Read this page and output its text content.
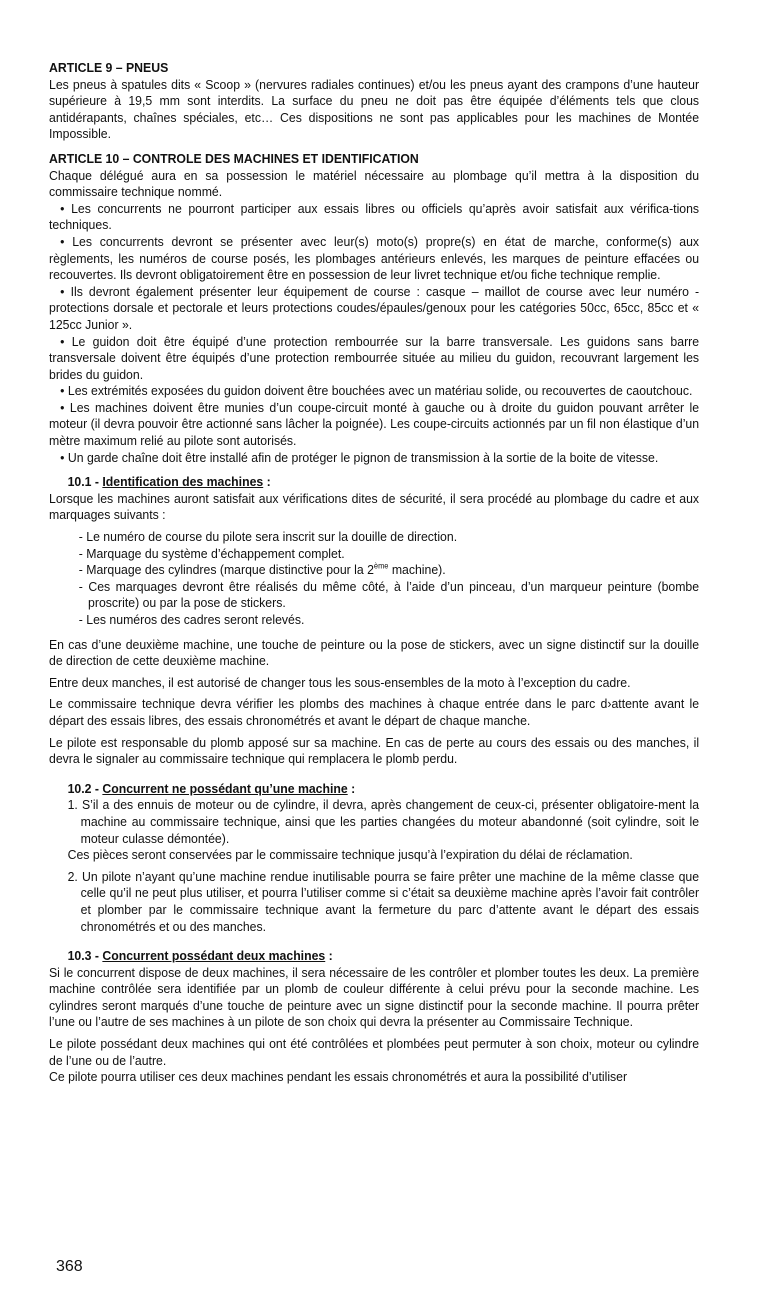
ARTICLE 9 – PNEUS

Les pneus à spatules dits « Scoop » (nervures radiales continues) et/ou les pneus ayant des crampons d’une hauteur supérieure à 19,5 mm sont interdits. La surface du pneu ne doit pas être équipée d’éléments tels que clous antidérapants, chaînes spéciales, etc… Ces dispositions ne sont pas applicables pour les machines de Montée Impossible.

ARTICLE 10 – CONTROLE DES MACHINES ET IDENTIFICATION

Chaque délégué aura en sa possession le matériel nécessaire au plombage qu’il mettra à la disposition du commissaire technique nommé.

• Les concurrents ne pourront participer aux essais libres ou officiels qu’après avoir satisfait aux vérifica-tions techniques.

• Les concurrents devront se présenter avec leur(s) moto(s) propre(s) en état de marche, conforme(s) aux règlements, les numéros de course posés, les plombages antérieurs enlevés, les marques de peinture effacées ou recouvertes. Ils devront obligatoirement être en possession de leur livret technique et/ou fiche technique remplie.

• Ils devront également présenter leur équipement de course : casque – maillot de course avec leur numéro - protections dorsale et pectorale et leurs protections coudes/épaules/genoux pour les catégories 50cc, 65cc, 85cc et « 125cc Junior ».

• Le guidon doit être équipé d’une protection rembourrée sur la barre transversale. Les guidons sans barre transversale doivent être équipés d’une protection rembourrée située au milieu du guidon, recouvrant largement les brides du guidon.

• Les extrémités exposées du guidon doivent être bouchées avec un matériau solide, ou recouvertes de caoutchouc.

• Les machines doivent être munies d’un coupe-circuit monté à gauche ou à droite du guidon pouvant arrêter le moteur (il devra pouvoir être actionné sans lâcher la poignée). Les coupe-circuits actionnés par un fil non élastique d’un mètre maximum relié au pilote sont autorisés.

• Un garde chaîne doit être installé afin de protéger le pignon de transmission à la sortie de la boite de vitesse.

10.1 - Identification des machines :

Lorsque les machines auront satisfait aux vérifications dites de sécurité, il sera procédé au plombage du cadre et aux marquages suivants :

- Le numéro de course du pilote sera inscrit sur la douille de direction.
- Marquage du système d’échappement complet.
- Marquage des cylindres (marque distinctive pour la 2ème machine).
- Ces marquages devront être réalisés du même côté, à l’aide d’un pinceau, d’un marqueur peinture (bombe proscrite) ou par la pose de stickers.
- Les numéros des cadres seront relevés.

En cas d’une deuxième machine, une touche de peinture ou la pose de stickers, avec un signe distinctif sur la douille de direction de cette deuxième machine.

Entre deux manches, il est autorisé de changer tous les sous-ensembles de la moto à l’exception du cadre.

Le commissaire technique devra vérifier les plombs des machines à chaque entrée dans le parc d›attente avant le départ des essais libres, des essais chronométrés et avant le départ de chaque manche.

Le pilote est responsable du plomb apposé sur sa machine. En cas de perte au cours des essais ou des manches, il devra le signaler au commissaire technique qui remplacera le plomb perdu.

10.2 - Concurrent ne possédant qu’une machine :

1. S’il a des ennuis de moteur ou de cylindre, il devra, après changement de ceux-ci, présenter obligatoire-ment la machine au commissaire technique, ainsi que les parties changées du moteur abandonné (soit cylindre, soit le moteur culasse démontée).

Ces pièces seront conservées par le commissaire technique jusqu’à l’expiration du délai de réclamation.

2. Un pilote n’ayant qu’une machine rendue inutilisable pourra se faire prêter une machine de la même classe que celle qu’il ne peut plus utiliser, et pourra l’utiliser comme si c’était sa deuxième machine après l’avoir fait contrôler et plomber par le commissaire technique avant la fermeture du parc d’attente avant le départ des essais chronométrés et ou des manches.

10.3 - Concurrent possédant deux machines :

Si le concurrent dispose de deux machines, il sera nécessaire de les contrôler et plomber toutes les deux. La première machine contrôlée sera identifiée par un plomb de couleur différente à celui prévu pour la seconde machine. Les cylindres seront marqués d’une touche de peinture avec un signe distinctif pour la seconde machine. Il pourra prêter l’une ou l’autre de ses machines à un pilote de son choix qui devra la présenter au Commissaire Technique.

Le pilote possédant deux machines qui ont été contrôlées et plombées peut permuter à son choix, moteur ou cylindre de l’une ou de l’autre.

Ce pilote pourra utiliser ces deux machines pendant les essais chronométrés et aura la possibilité d’utiliser

368
